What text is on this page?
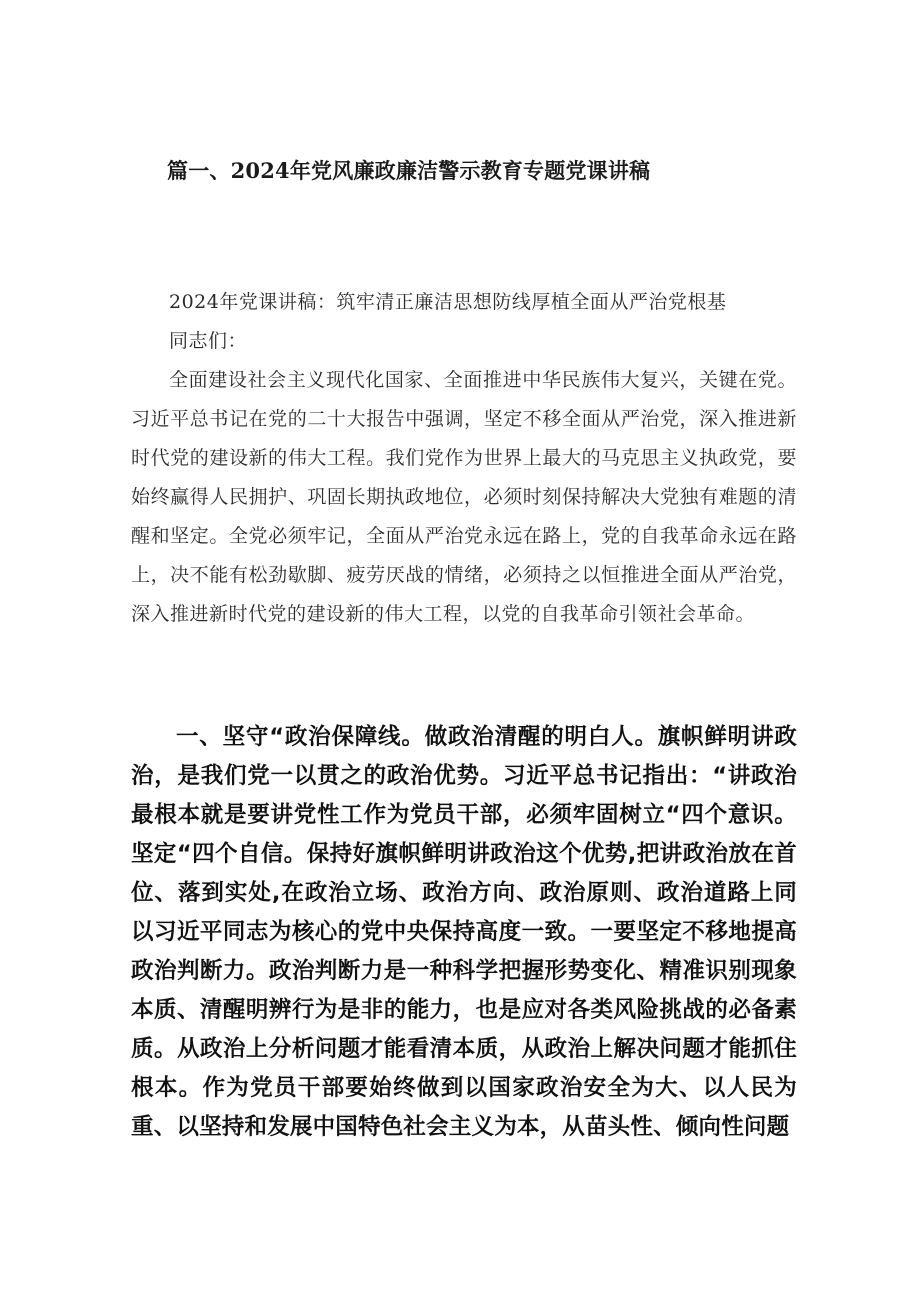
篇一、2024年党风廉政廉洁警示教育专题党课讲稿

2024年党课讲稿：筑牢清正廉洁思想防线厚植全面从严治党根基

同志们：

全面建设社会主义现代化国家、全面推进中华民族伟大复兴，关键在党。习近平总书记在党的二十大报告中强调，坚定不移全面从严治党，深入推进新时代党的建设新的伟大工程。我们党作为世界上最大的马克思主义执政党，要始终赢得人民拥护、巩固长期执政地位，必须时刻保持解决大党独有难题的清醒和坚定。全党必须牢记，全面从严治党永远在路上，党的自我革命永远在路上，决不能有松劲歇脚、疲劳厌战的情绪，必须持之以恒推进全面从严治党，深入推进新时代党的建设新的伟大工程，以党的自我革命引领社会革命。

一、坚守“政治保障线。做政治清醒的明白人。旗帜鲜明讲政治，是我们党一以贯之的政治优势。习近平总书记指出：“讲政治最根本就是要讲党性工作为党员干部，必须牢固树立“四个意识。坚定“四个自信。保持好旗帜鲜明讲政治这个优势,把讲政治放在首位、落到实处,在政治立场、政治方向、政治原则、政治道路上同以习近平同志为核心的党中央保持高度一致。一要坚定不移地提高政治判断力。政治判断力是一种科学把握形势变化、精准识别现象本质、清醒明辨行为是非的能力，也是应对各类风险挑战的必备素质。从政治上分析问题才能看清本质，从政治上解决问题才能抓住根本。作为党员干部要始终做到以国家政治安全为大、以人民为重、以坚持和发展中国特色社会主义为本，从苗头性、倾向性问题
